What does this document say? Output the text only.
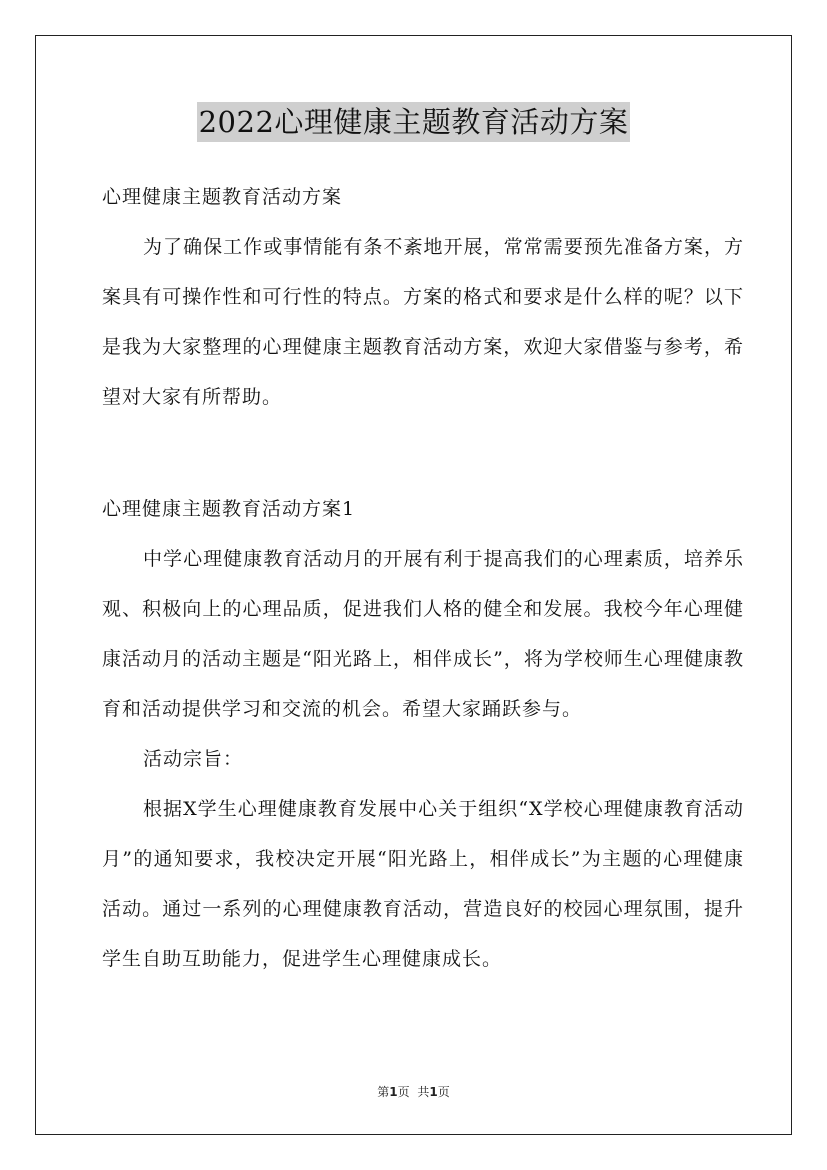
2022心理健康主题教育活动方案

心理健康主题教育活动方案

为了确保工作或事情能有条不紊地开展，常常需要预先准备方案，方案具有可操作性和可行性的特点。方案的格式和要求是什么样的呢？以下是我为大家整理的心理健康主题教育活动方案，欢迎大家借鉴与参考，希望对大家有所帮助。

心理健康主题教育活动方案1

中学心理健康教育活动月的开展有利于提高我们的心理素质，培养乐观、积极向上的心理品质，促进我们人格的健全和发展。我校今年心理健康活动月的活动主题是“阳光路上，相伴成长”，将为学校师生心理健康教育和活动提供学习和交流的机会。希望大家踊跃参与。

活动宗旨：

根据X学生心理健康教育发展中心关于组织“X学校心理健康教育活动月”的通知要求，我校决定开展“阳光路上，相伴成长”为主题的心理健康活动。通过一系列的心理健康教育活动，营造良好的校园心理氛围，提升学生自助互助能力，促进学生心理健康成长。

第1页 共1页
